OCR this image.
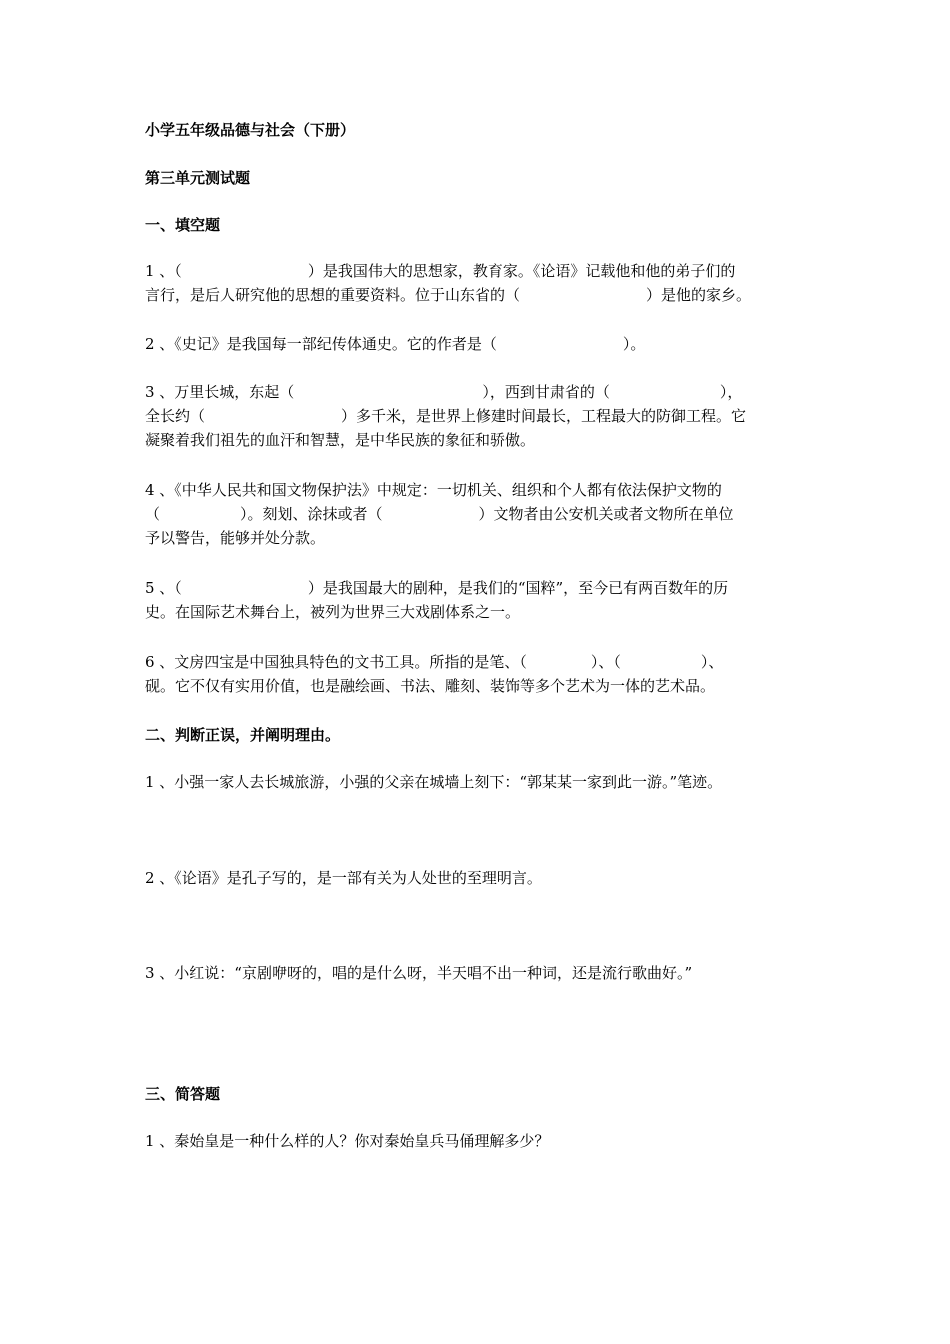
小学五年级品德与社会（下册）
第三单元测试题
一、填空题
1 、（	）是我国伟大的思想家，教育家。《论语》记载他和他的弟子们的
言行，是后人研究他的思想的重要资料。位于山东省的（	）是他的家乡。
2 、《史记》是我国每一部纪传体通史。它的作者是（	）。
3 、万里长城，东起（	），西到甘肃省的（	），
全长约（	）多千米，是世界上修建时间最长，工程最大的防御工程。它
凝聚着我们祖先的血汗和智慧，是中华民族的象征和骄傲。
4 、《中华人民共和国文物保护法》中规定：一切机关、组织和个人都有依法保护文物的
（	）。刻划、涂抹或者（	）文物者由公安机关或者文物所在单位
予以警告，能够并处分款。
5 、（	）是我国最大的剧种，是我们的“国粹”，至今已有两百数年的历
史。在国际艺术舞台上，被列为世界三大戏剧体系之一。
6 、文房四宝是中国独具特色的文书工具。所指的是笔、（	）、（	）、
砚。它不仅有实用价值，也是融绘画、书法、雕刻、装饰等多个艺术为一体的艺术品。
二、判断正误，并阐明理由。
1 、小强一家人去长城旅游，小强的父亲在城墙上刻下：“郭某某一家到此一游。”笔迹。
2 、《论语》是孔子写的，是一部有关为人处世的至理明言。
3 、小红说：“京剧咿呀的，唱的是什么呀，半天唱不出一种词，还是流行歌曲好。”
三、简答题
1 、秦始皇是一种什么样的人？你对秦始皇兵马俑理解多少？
